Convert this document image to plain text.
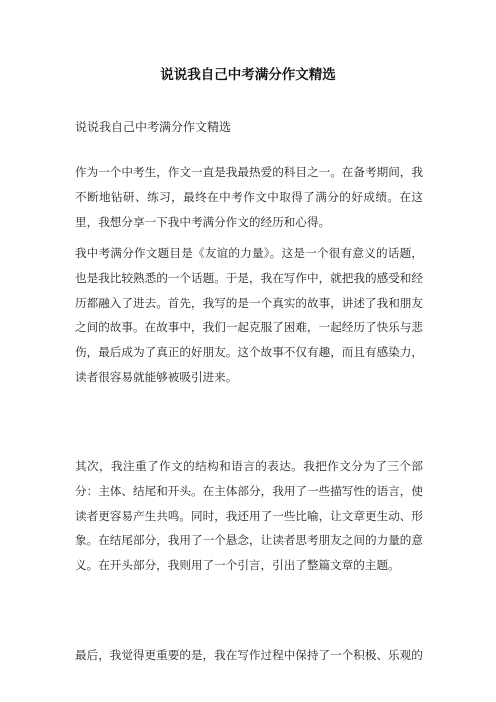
说说我自己中考满分作文精选
说说我自己中考满分作文精选

作为一个中考生，作文一直是我最热爱的科目之一。在备考期间，我不断地钻研、练习，最终在中考作文中取得了满分的好成绩。在这里，我想分享一下我中考满分作文的经历和心得。

我中考满分作文题目是《友谊的力量》。这是一个很有意义的话题，也是我比较熟悉的一个话题。于是，我在写作中，就把我的感受和经历都融入了进去。首先，我写的是一个真实的故事，讲述了我和朋友之间的故事。在故事中，我们一起克服了困难，一起经历了快乐与悲伤，最后成为了真正的好朋友。这个故事不仅有趣，而且有感染力，读者很容易就能够被吸引进来。

其次，我注重了作文的结构和语言的表达。我把作文分为了三个部分：主体、结尾和开头。在主体部分，我用了一些描写性的语言，使读者更容易产生共鸣。同时，我还用了一些比喻，让文章更生动、形象。在结尾部分，我用了一个悬念，让读者思考朋友之间的力量的意义。在开头部分，我则用了一个引言，引出了整篇文章的主题。

最后，我觉得更重要的是，我在写作过程中保持了一个积极、乐观的
